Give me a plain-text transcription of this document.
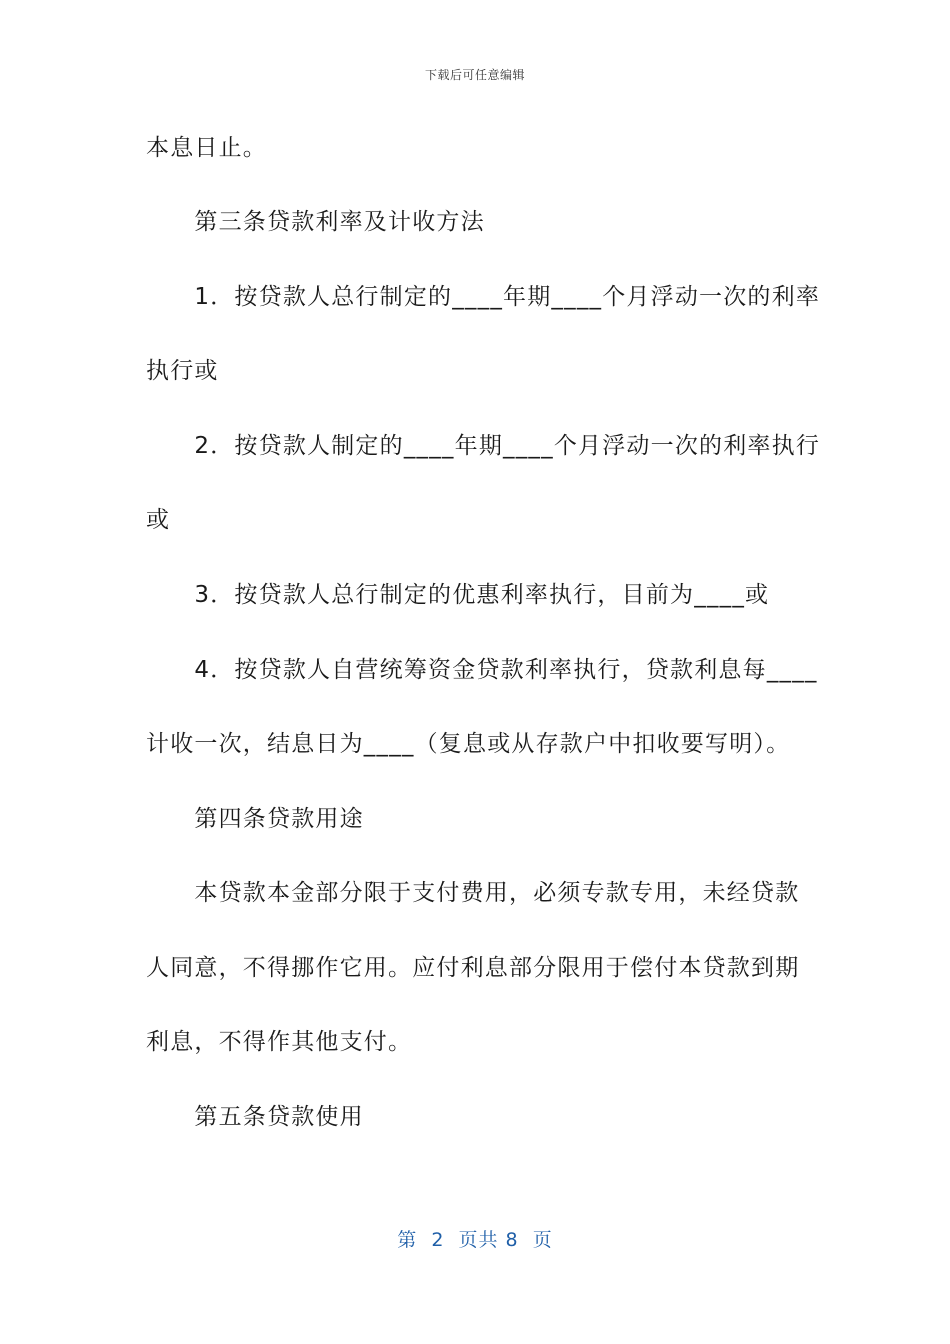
下载后可任意编辑
本息日止。
　　第三条贷款利率及计收方法
　　1．按贷款人总行制定的____年期____个月浮动一次的利率
执行或
　　2．按贷款人制定的____年期____个月浮动一次的利率执行
或
　　3．按贷款人总行制定的优惠利率执行，目前为____或
　　4．按贷款人自营统筹资金贷款利率执行，贷款利息每____
计收一次，结息日为____（复息或从存款户中扣收要写明）。
　　第四条贷款用途
　　本贷款本金部分限于支付费用，必须专款专用，未经贷款
人同意，不得挪作它用。应付利息部分限用于偿付本贷款到期
利息，不得作其他支付。
　　第五条贷款使用
第  2  页共 8  页
